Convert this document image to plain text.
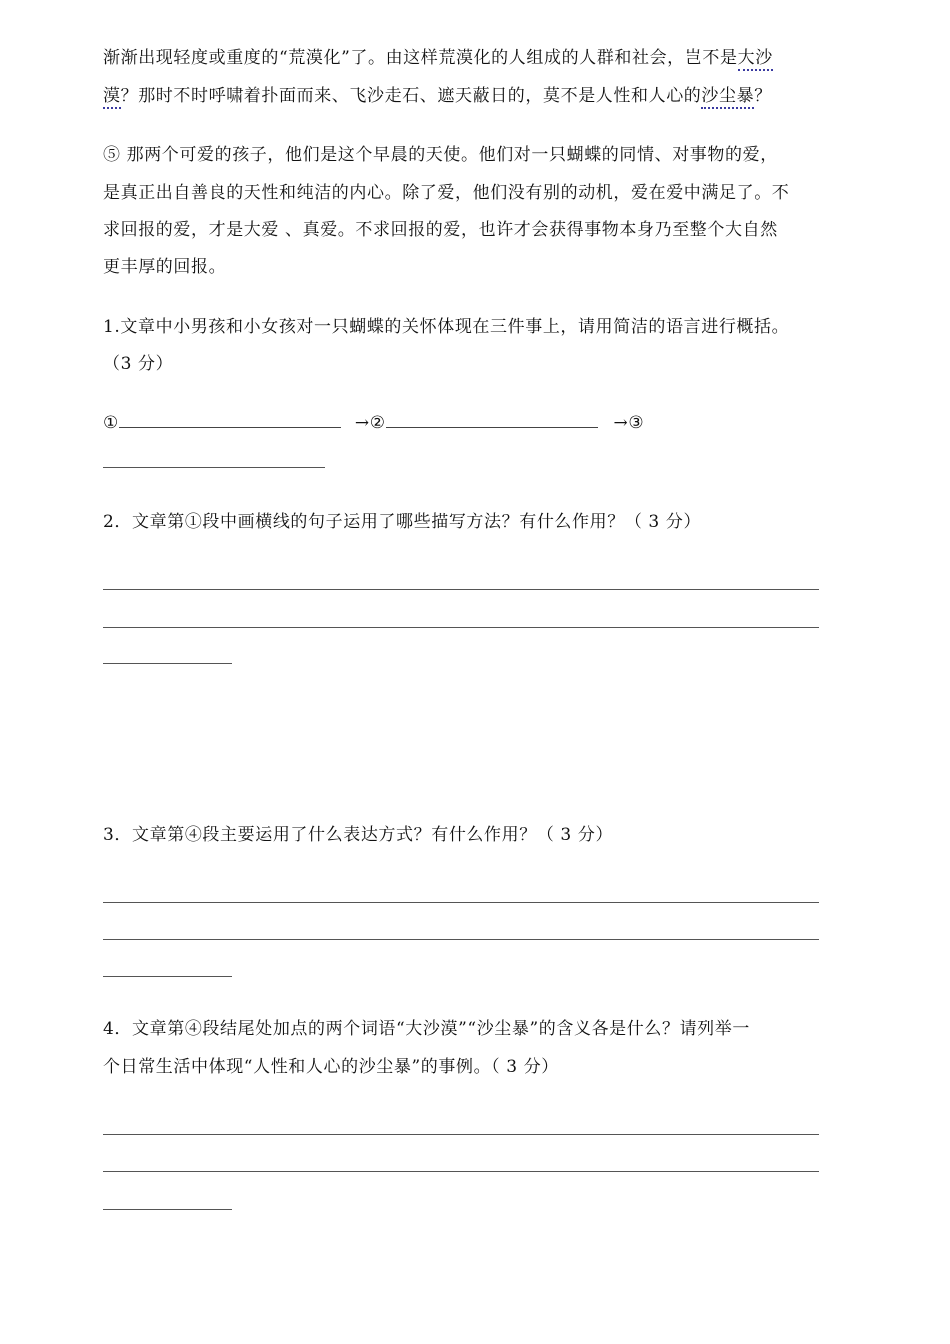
渐渐出现轻度或重度的“荒漠化”了。由这样荒漠化的人组成的人群和社会，岂不是大沙
漠？那时不时呼啸着扑面而来、飞沙走石、遮天蔽日的，莫不是人性和人心的沙尘暴？
⑤ 那两个可爱的孩子，他们是这个早晨的天使。他们对一只蝴蝶的同情、对事物的爱，
是真正出自善良的天性和纯洁的内心。除了爱，他们没有别的动机，爱在爱中满足了。不
求回报的爱，才是大爱 、真爱。不求回报的爱，也许才会获得事物本身乃至整个大自然
更丰厚的回报。
1.文章中小男孩和小女孩对一只蝴蝶的关怀体现在三件事上，请用简洁的语言进行概括。
（3 分）
①	→②	→③
2．文章第①段中画横线的句子运用了哪些描写方法？有什么作用？（ 3 分）
3．文章第④段主要运用了什么表达方式？有什么作用？（ 3 分）
4．文章第④段结尾处加点的两个词语“大沙漠”“沙尘暴”的含义各是什么？请列举一
个日常生活中体现“人性和人心的沙尘暴”的事例。（ 3 分）
